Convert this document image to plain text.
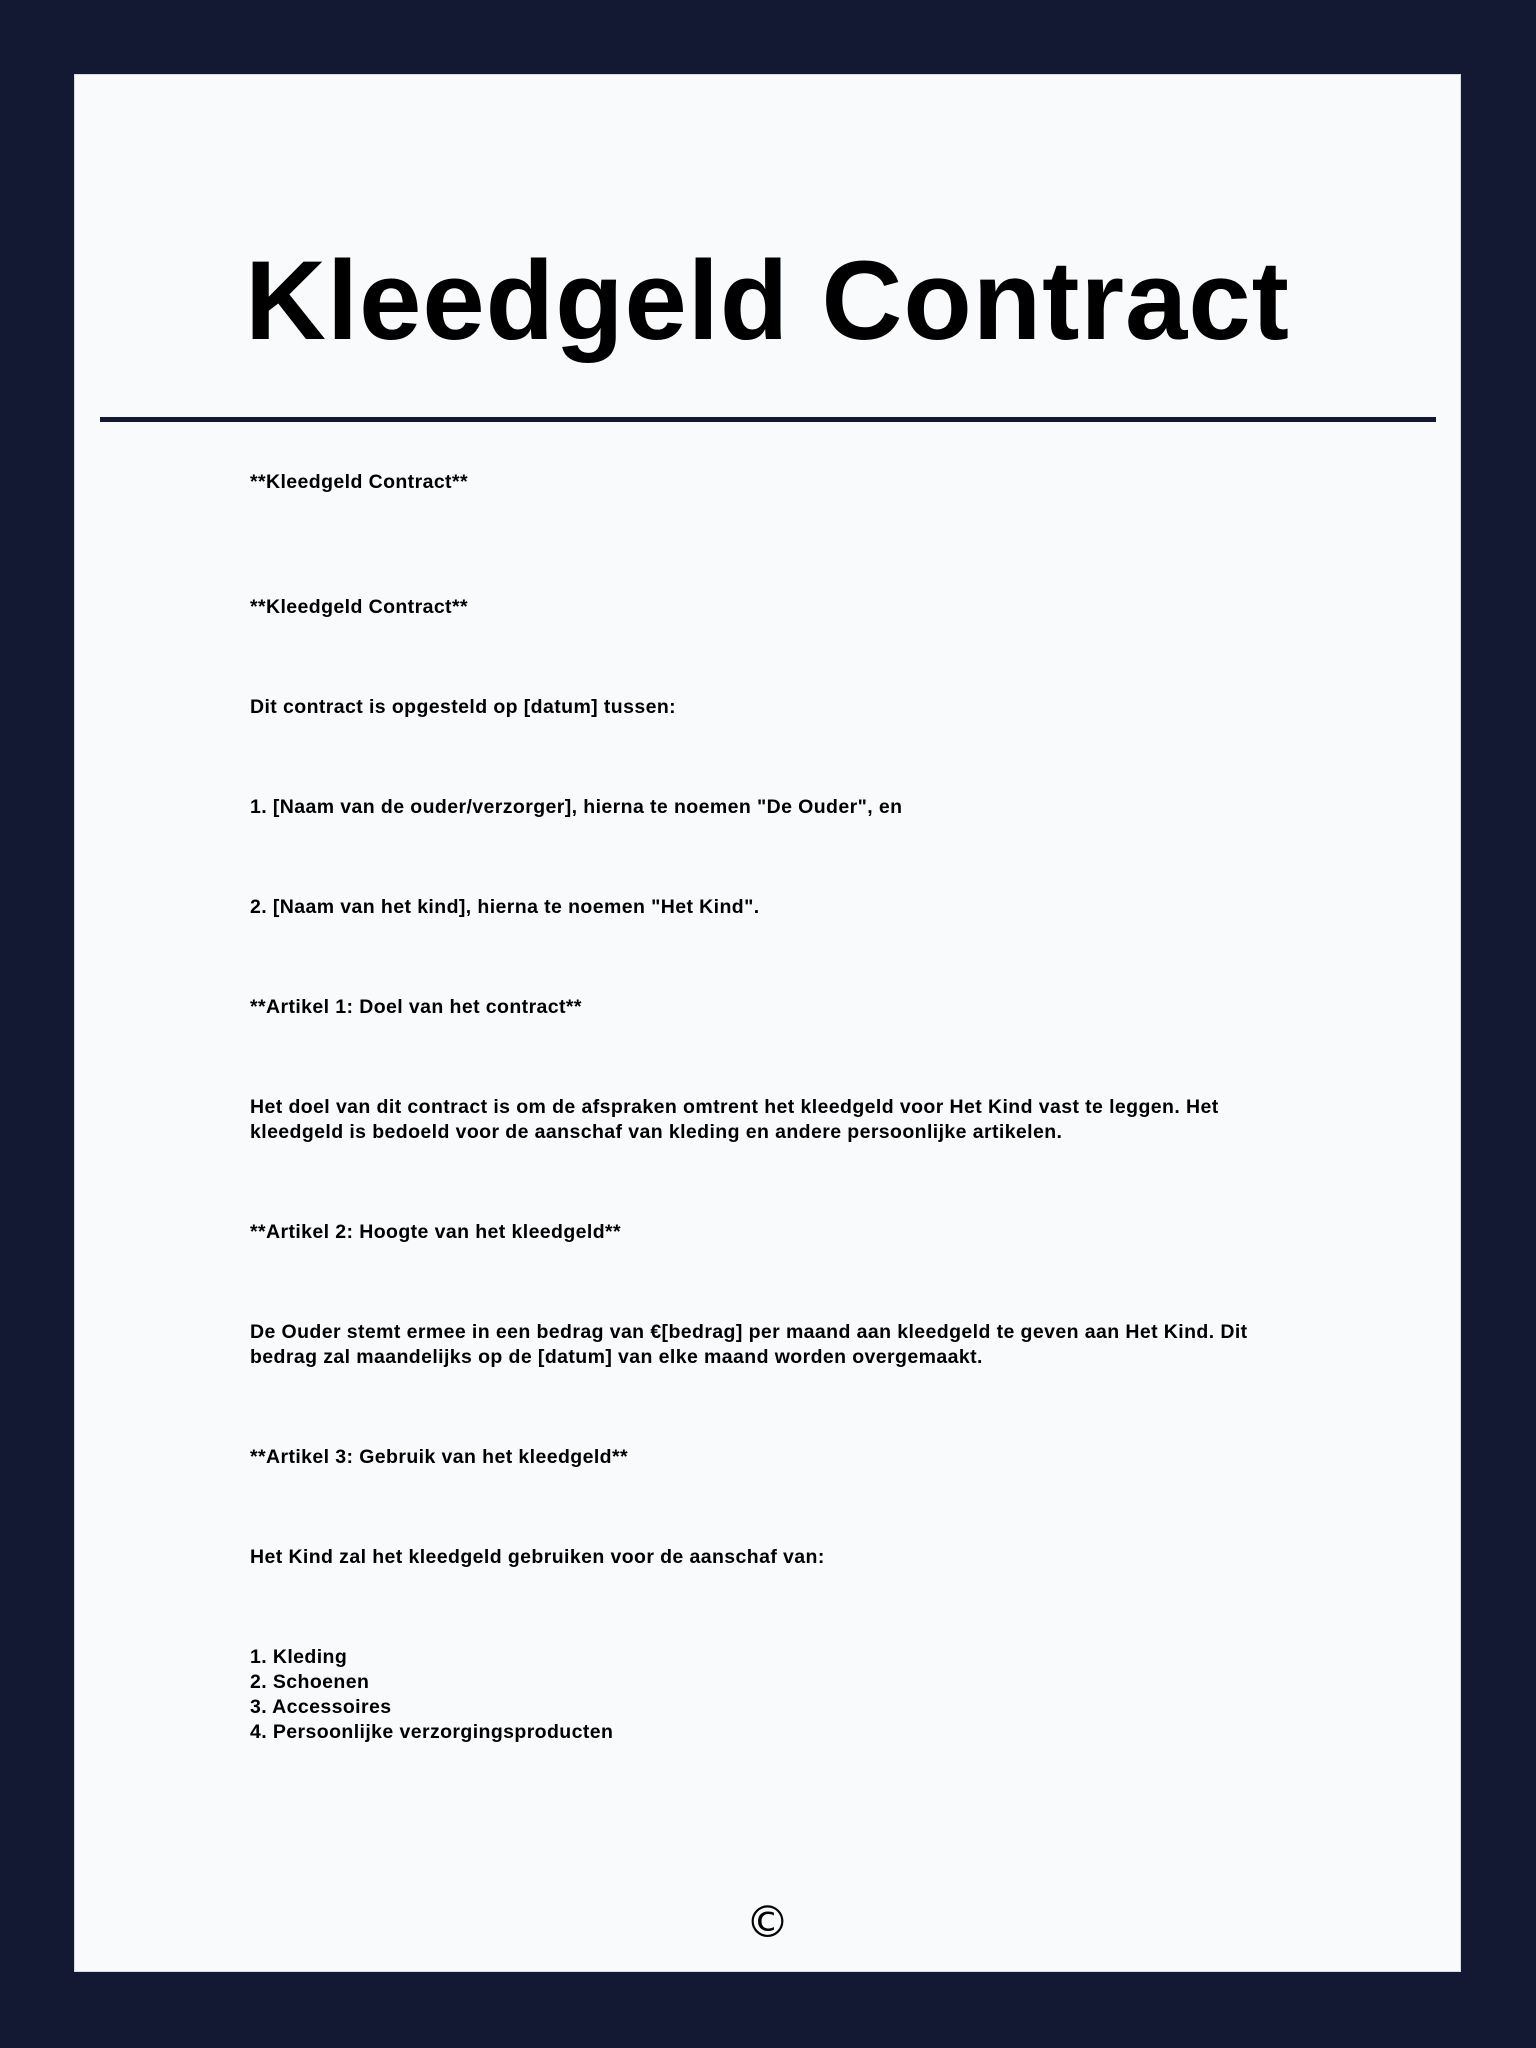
Kleedgeld Contract

**Kleedgeld Contract**

**Kleedgeld Contract**

Dit contract is opgesteld op [datum] tussen:

1. [Naam van de ouder/verzorger], hierna te noemen "De Ouder", en

2. [Naam van het kind], hierna te noemen "Het Kind".

**Artikel 1: Doel van het contract**

Het doel van dit contract is om de afspraken omtrent het kleedgeld voor Het Kind vast te leggen. Het kleedgeld is bedoeld voor de aanschaf van kleding en andere persoonlijke artikelen.

**Artikel 2: Hoogte van het kleedgeld**

De Ouder stemt ermee in een bedrag van €[bedrag] per maand aan kleedgeld te geven aan Het Kind. Dit bedrag zal maandelijks op de [datum] van elke maand worden overgemaakt.

**Artikel 3: Gebruik van het kleedgeld**

Het Kind zal het kleedgeld gebruiken voor de aanschaf van:

1. Kleding
2. Schoenen
3. Accessoires
4. Persoonlijke verzorgingsproducten

©
